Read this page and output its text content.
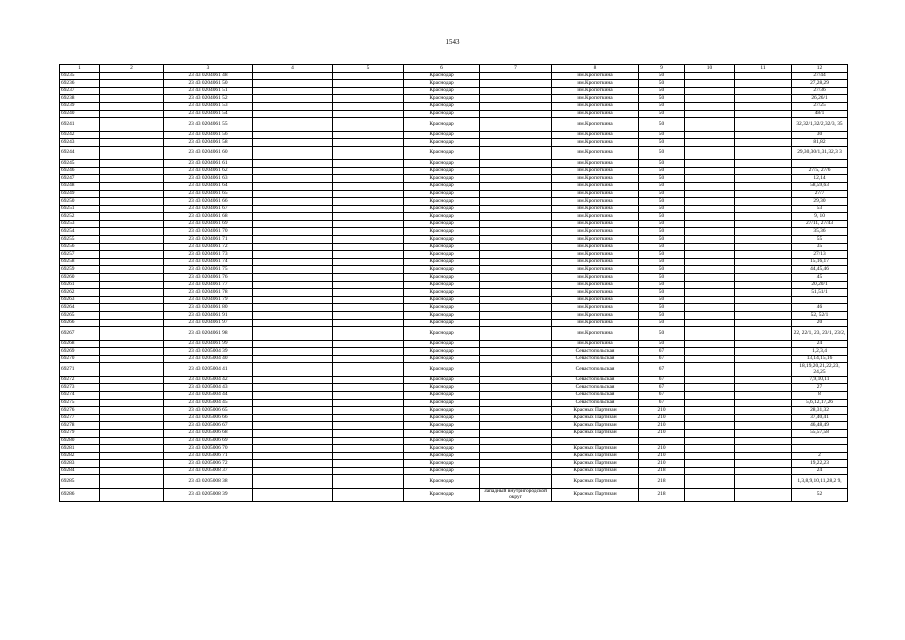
1543
1	2	3	4	5	6	7	8	9	10	11	12
69235		23 43 0204061 48			Краснодар		им.Кропоткина	50			27/44
69236		23 43 0204061 50			Краснодар		им.Кропоткина	50			27,28,29
69237		23 43 0204061 51			Краснодар		им.Кропоткина	50			27/36
69238		23 43 0204061 52			Краснодар		им.Кропоткина	50			26,26/1
69239		23 43 0204061 53			Краснодар		им.Кропоткина	50			27/25
69240		23 43 0204061 54			Краснодар		им.Кропоткина	50			48/1
69241		23 43 0204061 55			Краснодар		им.Кропоткина	50			32,32/1,32/2,32/3, 35
69242		23 43 0204061 56			Краснодар		им.Кропоткина	50			30
69243		23 43 0204061 58			Краснодар		им.Кропоткина	50			81,82
69244		23 43 0204061 60			Краснодар		им.Кропоткина	50			29,30,30/1,31,32,3 3
69245		23 43 0204061 61			Краснодар		им.Кропоткина	50			
69246		23 43 0204061 62			Краснодар		им.Кропоткина	50			27/5, 27/6
69247		23 43 0204061 63			Краснодар		им.Кропоткина	50			12,14
69248		23 43 0204061 64			Краснодар		им.Кропоткина	50			58,59,63
69249		23 43 0204061 65			Краснодар		им.Кропоткина	50			27/7
69250		23 43 0204061 66			Краснодар		им.Кропоткина	50			29,30
69251		23 43 0204061 67			Краснодар		им.Кропоткина	50			53
69252		23 43 0204061 68			Краснодар		им.Кропоткина	50			9, 10
69253		23 43 0204061 69			Краснодар		им.Кропоткина	50			27/11, 27/43
69254		23 43 0204061 70			Краснодар		им.Кропоткина	50			35,36
69255		23 43 0204061 71			Краснодар		им.Кропоткина	50			55
69256		23 43 0204061 72			Краснодар		им.Кропоткина	50			35
69257		23 43 0204061 73			Краснодар		им.Кропоткина	50			27/13
69258		23 43 0204061 74			Краснодар		им.Кропоткина	50			15,16,17
69259		23 43 0204061 75			Краснодар		им.Кропоткина	50			44,45,46
69260		23 43 0204061 76			Краснодар		им.Кропоткина	50			45
69261		23 43 0204061 77			Краснодар		им.Кропоткина	50			20,20/1
69262		23 43 0204061 78			Краснодар		им.Кропоткина	50			51,51/1
69263		23 43 0204061 79			Краснодар		им.Кропоткина	50			
69264		23 43 0204061 80			Краснодар		им.Кропоткина	50			46
69265		23 43 0204061 91			Краснодар		им.Кропоткина	50			52, 52/1
69266		23 43 0204061 97			Краснодар		им.Кропоткина	50			20
69267		23 43 0204061 98			Краснодар		им.Кропоткина	50			22, 22/1, 23, 23/1, 23/2,
69268		23 43 0204061 99			Краснодар		им.Кропоткина	50			24
69269		23 43 0205004 39			Краснодар		Севастопольская	67			1,2,3,4
69270		23 43 0205004 40			Краснодар		Севастопольская	67			13,14,15,16
69271		23 43 0205004 41			Краснодар		Севастопольская	67			18,19,20,21,22,23, 24,25
69272		23 43 0205004 42			Краснодар		Севастопольская	67			7,9,10,11
69273		23 43 0205004 43			Краснодар		Севастопольская	67			27
69274		23 43 0205004 44			Краснодар		Севастопольская	67			8
69275		23 43 0205004 45			Краснодар		Севастопольская	67			5,6,12,17,26
69276		23 43 0205006 65			Краснодар		Красных Партизан	210			28,31,32
69277		23 43 0205006 66			Краснодар		Красных Партизан	210			37,40,41
69278		23 43 0205006 67			Краснодар		Красных Партизан	210			46,48,49
69279		23 43 0205006 68			Краснодар		Красных Партизан	210			55,57,58
69280		23 43 0205006 69			Краснодар						
69281		23 43 0205006 70			Краснодар		Красных Партизан	210			
69282		23 43 0205006 71			Краснодар		Красных Партизан	210			2
69283		23 43 0205006 72			Краснодар		Красных Партизан	210			19,22,23
69284		23 43 0205008 37			Краснодар		Красных Партизан	218			24
69285		23 43 0205008 38			Краснодар		Красных Партизан	218			1,3,8,9,10,11,28,2 9,
69286		23 43 0205008 39			Краснодар	Западный внутригородской округ	Красных Партизан	218			52
